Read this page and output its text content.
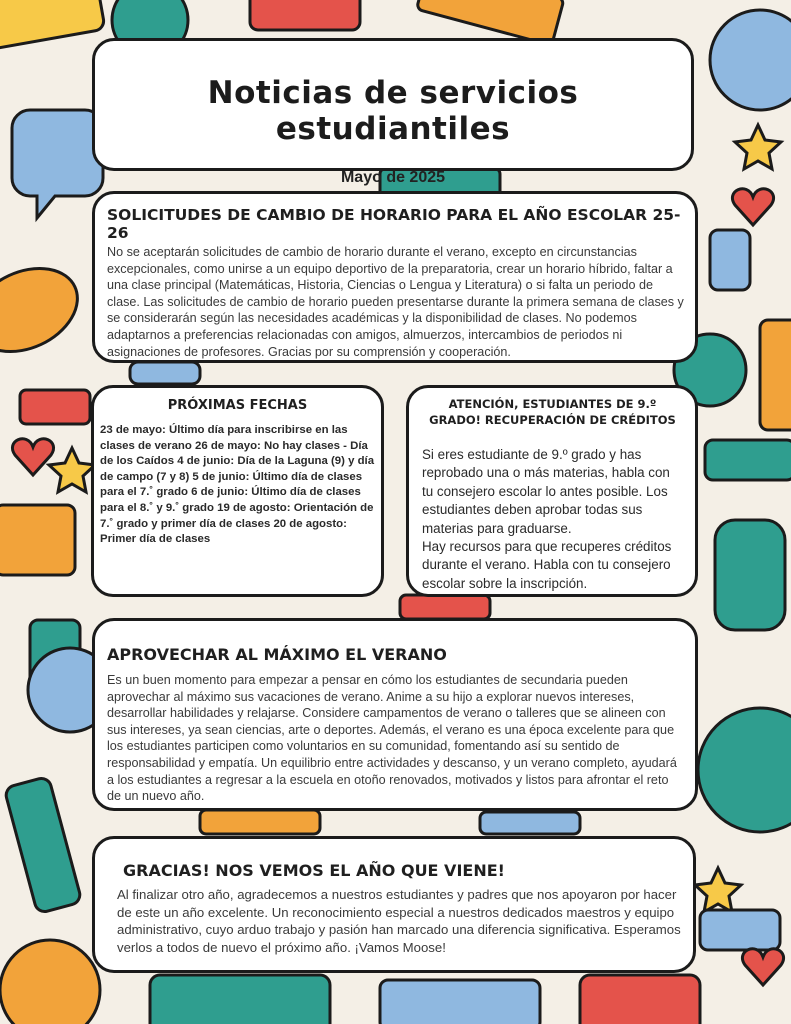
Noticias de servicios estudiantiles
Mayo de 2025
SOLICITUDES DE CAMBIO DE HORARIO PARA EL AÑO ESCOLAR 25-26
No se aceptarán solicitudes de cambio de horario durante el verano, excepto en circunstancias excepcionales, como unirse a un equipo deportivo de la preparatoria, crear un horario híbrido, faltar a una clase principal (Matemáticas, Historia, Ciencias o Lengua y Literatura) o si falta un periodo de clase. Las solicitudes de cambio de horario pueden presentarse durante la primera semana de clases y se considerarán según las necesidades académicas y la disponibilidad de clases. No podemos adaptarnos a preferencias relacionadas con amigos, almuerzos, intercambios de periodos ni asignaciones de profesores. Gracias por su comprensión y cooperación.
PRÓXIMAS FECHAS
23 de mayo: Último día para inscribirse en las clases de verano 26 de mayo: No hay clases - Día de los Caídos 4 de junio: Día de la Laguna (9) y día de campo (7 y 8) 5 de junio: Último día de clases para el 7.˚ grado 6 de junio: Último día de clases para el 8.˚ y 9.˚ grado 19 de agosto: Orientación de 7.˚ grado y primer día de clases 20 de agosto: Primer día de clases
ATENCIÓN, ESTUDIANTES DE 9.º
GRADO! RECUPERACIÓN DE CRÉDITOS

Si eres estudiante de 9.º grado y has reprobado una o más materias, habla con tu consejero escolar lo antes posible. Los estudiantes deben aprobar todas sus materias para graduarse.

Hay recursos para que recuperes créditos durante el verano. Habla con tu consejero escolar sobre la inscripción.

APROVECHAR AL MÁXIMO EL VERANO
Es un buen momento para empezar a pensar en cómo los estudiantes de secundaria pueden aprovechar al máximo sus vacaciones de verano. Anime a su hijo a explorar nuevos intereses, desarrollar habilidades y relajarse. Considere campamentos de verano o talleres que se alineen con sus intereses, ya sean ciencias, arte o deportes. Además, el verano es una época excelente para que los estudiantes participen como voluntarios en su comunidad, fomentando así su sentido de responsabilidad y empatía. Un equilibrio entre actividades y descanso, y un verano completo, ayudará a los estudiantes a regresar a la escuela en otoño renovados, motivados y listos para afrontar el reto de un nuevo año.
GRACIAS! NOS VEMOS EL AÑO QUE VIENE!
Al finalizar otro año, agradecemos a nuestros estudiantes y padres que nos apoyaron por hacer de este un año excelente. Un reconocimiento especial a nuestros dedicados maestros y equipo administrativo, cuyo arduo trabajo y pasión han marcado una diferencia significativa. Esperamos verlos a todos de nuevo el próximo año. ¡Vamos Moose!
